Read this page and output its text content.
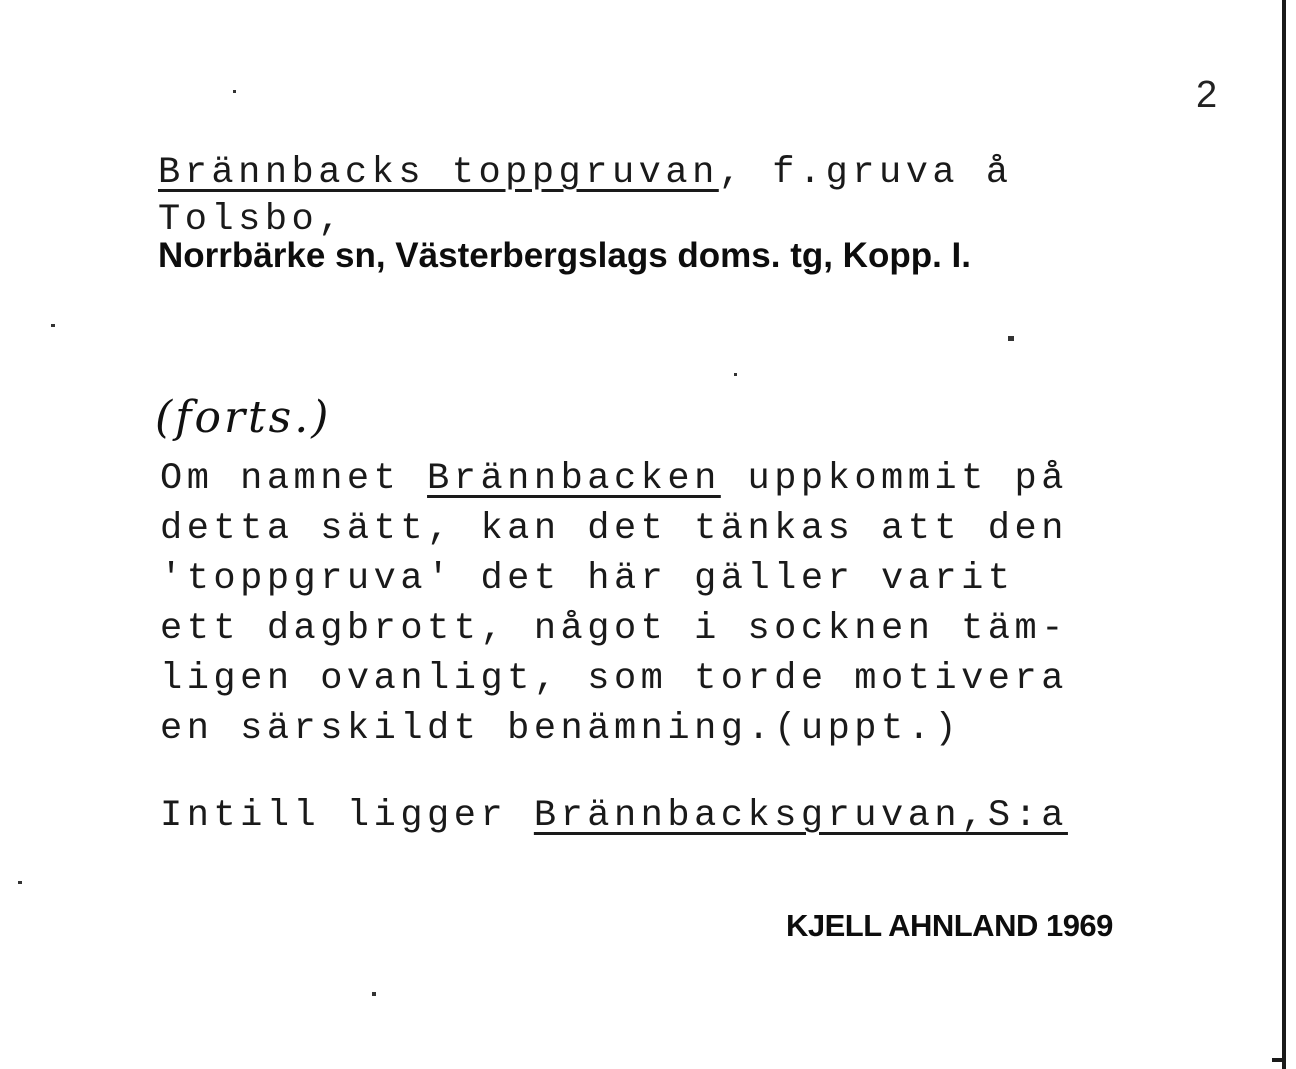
2
Brännbacks toppgruvan, f.gruva å
Tolsbo,
Norrbärke sn, Västerbergslags doms. tg, Kopp. I.
(forts.)
Om namnet Brännbacken uppkommit på
detta sätt, kan det tänkas att den
'toppgruva' det här gäller varit
ett dagbrott, något i socknen täm-
ligen ovanligt, som torde motivera
en särskildt benämning.(uppt.)
Intill ligger Brännbacksgruvan,S:a
KJELL AHNLAND 1969
